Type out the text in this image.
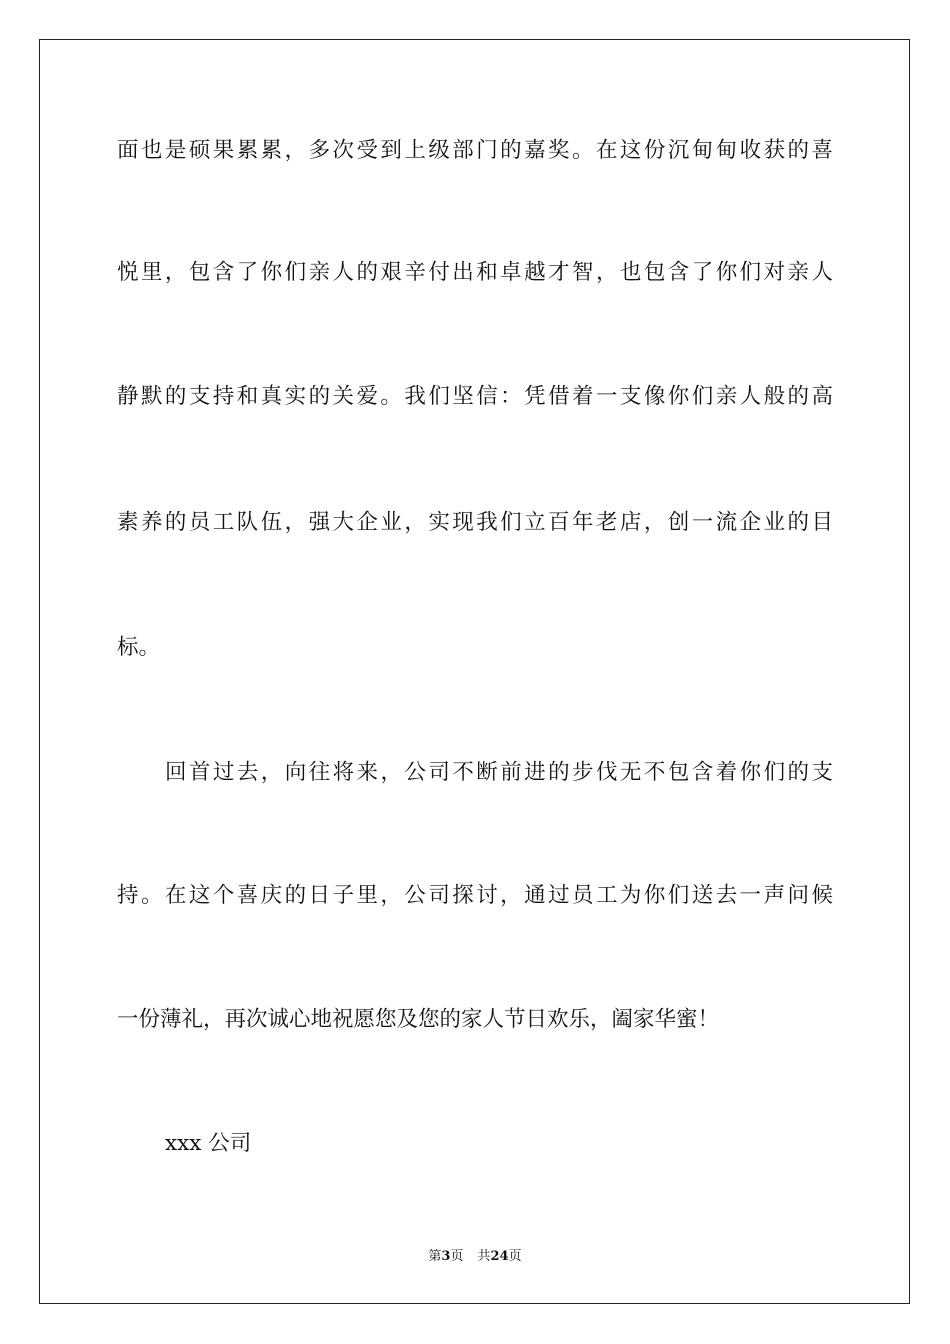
面也是硕果累累，多次受到上级部门的嘉奖。在这份沉甸甸收获的喜
悦里，包含了你们亲人的艰辛付出和卓越才智，也包含了你们对亲人
静默的支持和真实的关爱。我们坚信：凭借着一支像你们亲人般的高
素养的员工队伍，强大企业，实现我们立百年老店，创一流企业的目
标。
回首过去，向往将来，公司不断前进的步伐无不包含着你们的支
持。在这个喜庆的日子里，公司探讨，通过员工为你们送去一声问候
一份薄礼，再次诚心地祝愿您及您的家人节日欢乐，阖家华蜜！
xxx 公司
第3页 共24页
